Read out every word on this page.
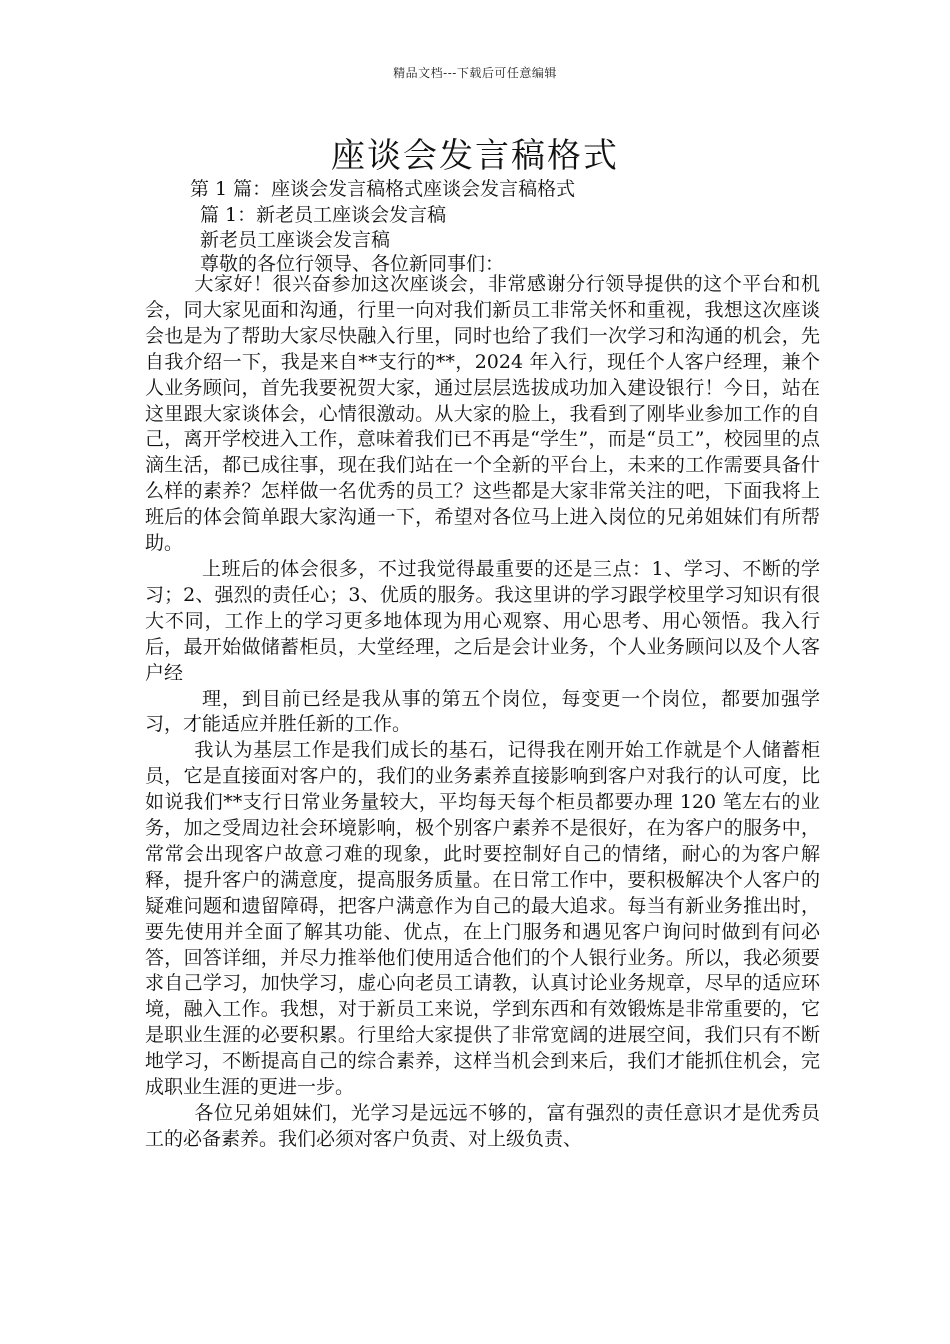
精品文档---下载后可任意编辑
座谈会发言稿格式

第 1 篇：座谈会发言稿格式座谈会发言稿格式

篇 1：新老员工座谈会发言稿

新老员工座谈会发言稿

尊敬的各位行领导、各位新同事们：

大家好！很兴奋参加这次座谈会，非常感谢分行领导提供的这个平台和机会，同大家见面和沟通，行里一向对我们新员工非常关怀和重视，我想这次座谈会也是为了帮助大家尽快融入行里，同时也给了我们一次学习和沟通的机会，先自我介绍一下，我是来自**支行的**，2024 年入行，现任个人客户经理，兼个人业务顾问，首先我要祝贺大家，通过层层选拔成功加入建设银行！今日，站在这里跟大家谈体会，心情很激动。从大家的脸上，我看到了刚毕业参加工作的自己，离开学校进入工作，意味着我们已不再是“学生”，而是“员工”，校园里的点滴生活，都已成往事，现在我们站在一个全新的平台上，未来的工作需要具备什么样的素养？怎样做一名优秀的员工？这些都是大家非常关注的吧，下面我将上班后的体会简单跟大家沟通一下，希望对各位马上进入岗位的兄弟姐妹们有所帮助。

上班后的体会很多，不过我觉得最重要的还是三点：1、学习、不断的学习；2、强烈的责任心；3、优质的服务。我这里讲的学习跟学校里学习知识有很大不同，工作上的学习更多地体现为用心观察、用心思考、用心领悟。我入行后，最开始做储蓄柜员，大堂经理，之后是会计业务，个人业务顾问以及个人客户经

理，到目前已经是我从事的第五个岗位，每变更一个岗位，都要加强学习，才能适应并胜任新的工作。

我认为基层工作是我们成长的基石，记得我在刚开始工作就是个人储蓄柜员，它是直接面对客户的，我们的业务素养直接影响到客户对我行的认可度，比如说我们**支行日常业务量较大，平均每天每个柜员都要办理 120 笔左右的业务，加之受周边社会环境影响，极个别客户素养不是很好，在为客户的服务中，常常会出现客户故意刁难的现象，此时要控制好自己的情绪，耐心的为客户解释，提升客户的满意度，提高服务质量。在日常工作中，要积极解决个人客户的疑难问题和遗留障碍，把客户满意作为自己的最大追求。每当有新业务推出时，要先使用并全面了解其功能、优点，在上门服务和遇见客户询问时做到有问必答，回答详细，并尽力推举他们使用适合他们的个人银行业务。所以，我必须要求自己学习，加快学习，虚心向老员工请教，认真讨论业务规章，尽早的适应环境，融入工作。我想，对于新员工来说，学到东西和有效锻炼是非常重要的，它是职业生涯的必要积累。行里给大家提供了非常宽阔的进展空间，我们只有不断地学习，不断提高自己的综合素养，这样当机会到来后，我们才能抓住机会，完成职业生涯的更进一步。

各位兄弟姐妹们，光学习是远远不够的，富有强烈的责任意识才是优秀员工的必备素养。我们必须对客户负责、对上级负责、
